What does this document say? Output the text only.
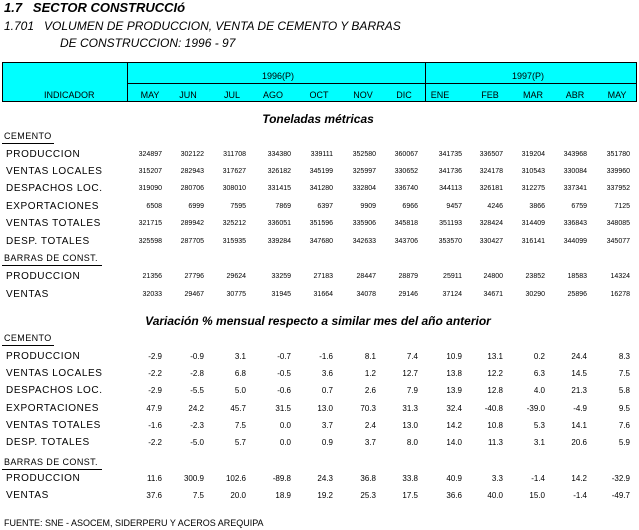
1.7 SECTOR CONSTRUCCIó
1.701 VOLUMEN DE PRODUCCION, VENTA DE CEMENTO Y BARRAS
DE CONSTRUCCION: 1996 - 97
INDICADOR
1996(P)	1997(P)
MAY	JUN	JUL	AGO	OCT	NOV	DIC	ENE	FEB	MAR	ABR	MAY
Toneladas métricas
CEMENTO
PRODUCCION	324897	302122	311708	334380	339111	352580	360067	341735	336507	319204	343968	351780
VENTAS LOCALES	315207	282943	317627	326182	345199	325997	330652	341736	324178	310543	330084	339960
DESPACHOS LOC.	319090	280706	308010	331415	341280	332804	336740	344113	326181	312275	337341	337952
EXPORTACIONES	6508	6999	7595	7869	6397	9909	6966	9457	4246	3866	6759	7125
VENTAS TOTALES	321715	289942	325212	336051	351596	335906	345818	351193	328424	314409	336843	348085
DESP. TOTALES	325598	287705	315935	339284	347680	342633	343706	353570	330427	316141	344099	345077
BARRAS DE CONST.
PRODUCCION	21356	27796	29624	33259	27183	28447	28879	25911	24800	23852	18583	14324
VENTAS	32033	29467	30775	31945	31664	34078	29146	37124	34671	30290	25896	16278
Variación % mensual respecto a similar mes del año anterior
CEMENTO
PRODUCCION	-2.9	-0.9	3.1	-0.7	-1.6	8.1	7.4	10.9	13.1	0.2	24.4	8.3
VENTAS LOCALES	-2.2	-2.8	6.8	-0.5	3.6	1.2	12.7	13.8	12.2	6.3	14.5	7.5
DESPACHOS LOC.	-2.9	-5.5	5.0	-0.6	0.7	2.6	7.9	13.9	12.8	4.0	21.3	5.8
EXPORTACIONES	47.9	24.2	45.7	31.5	13.0	70.3	31.3	32.4	-40.8	-39.0	-4.9	9.5
VENTAS TOTALES	-1.6	-2.3	7.5	0.0	3.7	2.4	13.0	14.2	10.8	5.3	14.1	7.6
DESP. TOTALES	-2.2	-5.0	5.7	0.0	0.9	3.7	8.0	14.0	11.3	3.1	20.6	5.9
BARRAS DE CONST.
PRODUCCION	11.6	300.9	102.6	-89.8	24.3	36.8	33.8	40.9	3.3	-1.4	14.2	-32.9
VENTAS	37.6	7.5	20.0	18.9	19.2	25.3	17.5	36.6	40.0	15.0	-1.4	-49.7
FUENTE: SNE - ASOCEM, SIDERPERU Y ACEROS AREQUIPA
